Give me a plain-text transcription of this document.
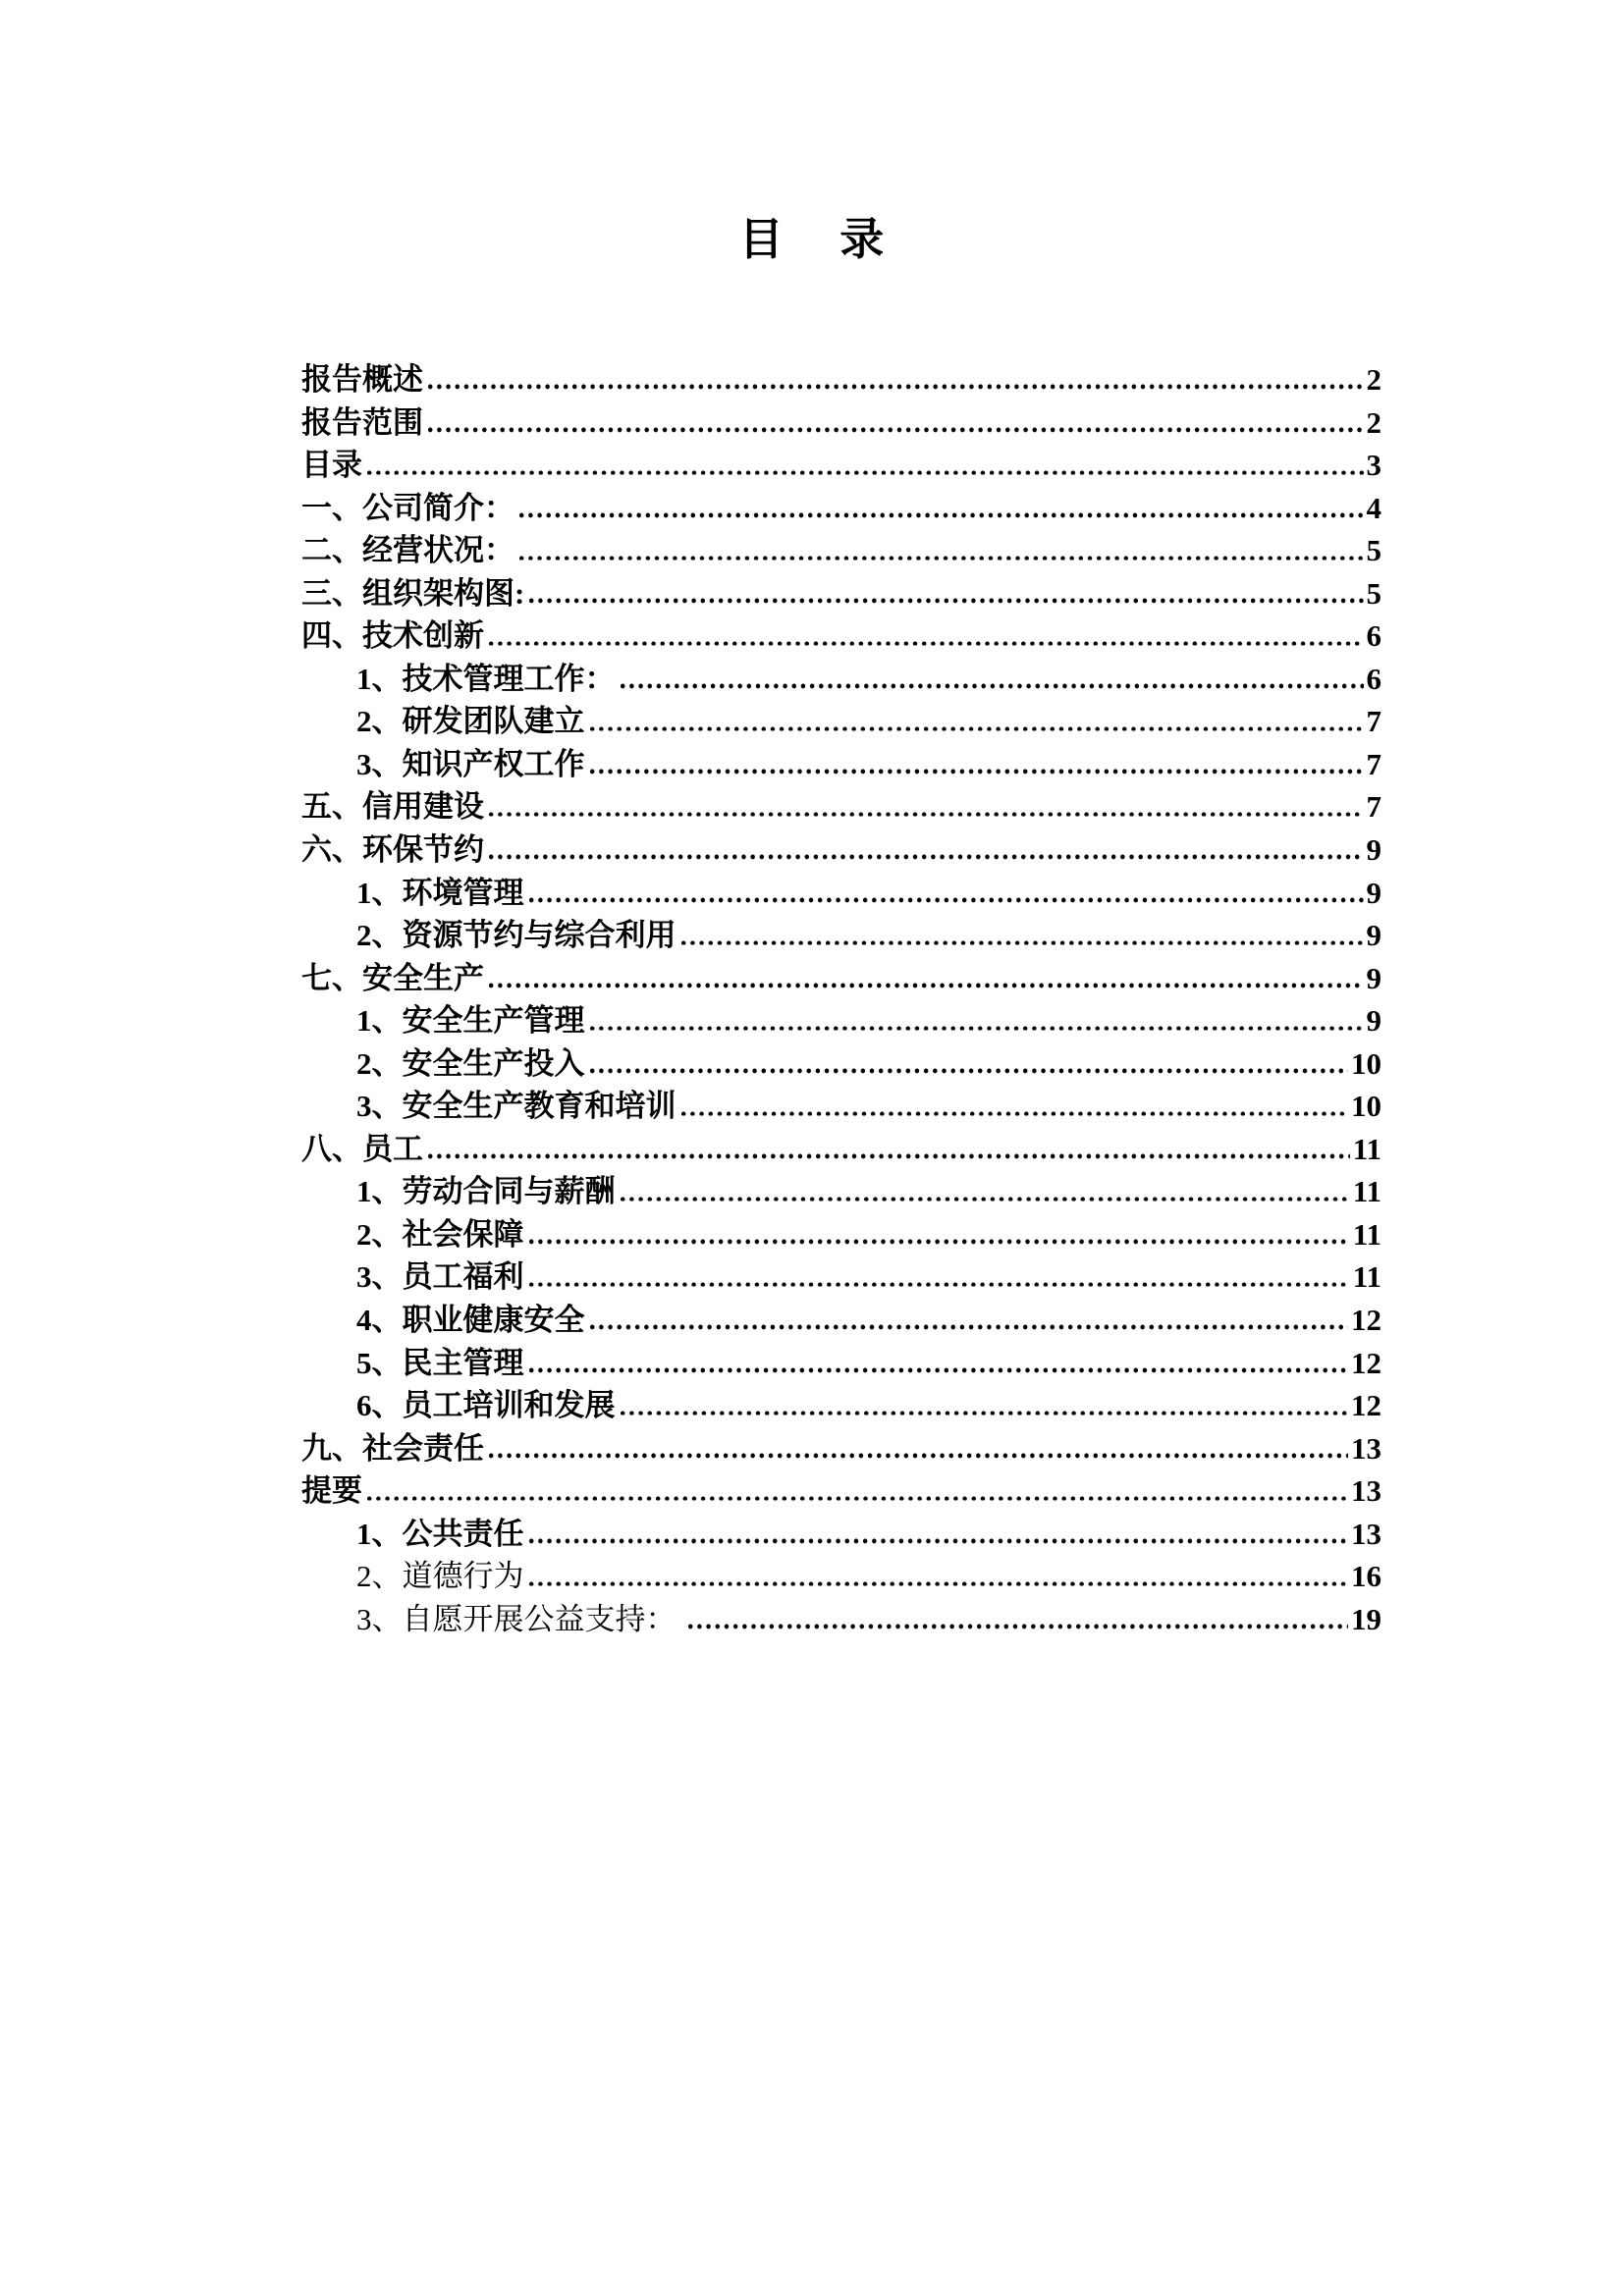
目  录
报告概述	2
报告范围	2
目录	3
一、 公司简介：	4
二、 经营状况：	5
三、 组织架构图:	5
四、 技术创新	6
1、 技术管理工作：	6
2、 研发团队建立	7
3、 知识产权工作	7
五、 信用建设	7
六、 环保节约	9
1、 环境管理	9
2、 资源节约与综合利用	9
七、 安全生产	9
1、 安全生产管理	9
2、 安全生产投入	10
3、 安全生产教育和培训	10
八、 员工	11
1、 劳动合同与薪酬	11
2、 社会保障	11
3、 员工福利	11
4、 职业健康安全	12
5、 民主管理	12
6、 员工培训和发展	12
九、 社会责任	13
提要	13
1、 公共责任	13
2、 道德行为	16
3、 自愿开展公益支持：	19
